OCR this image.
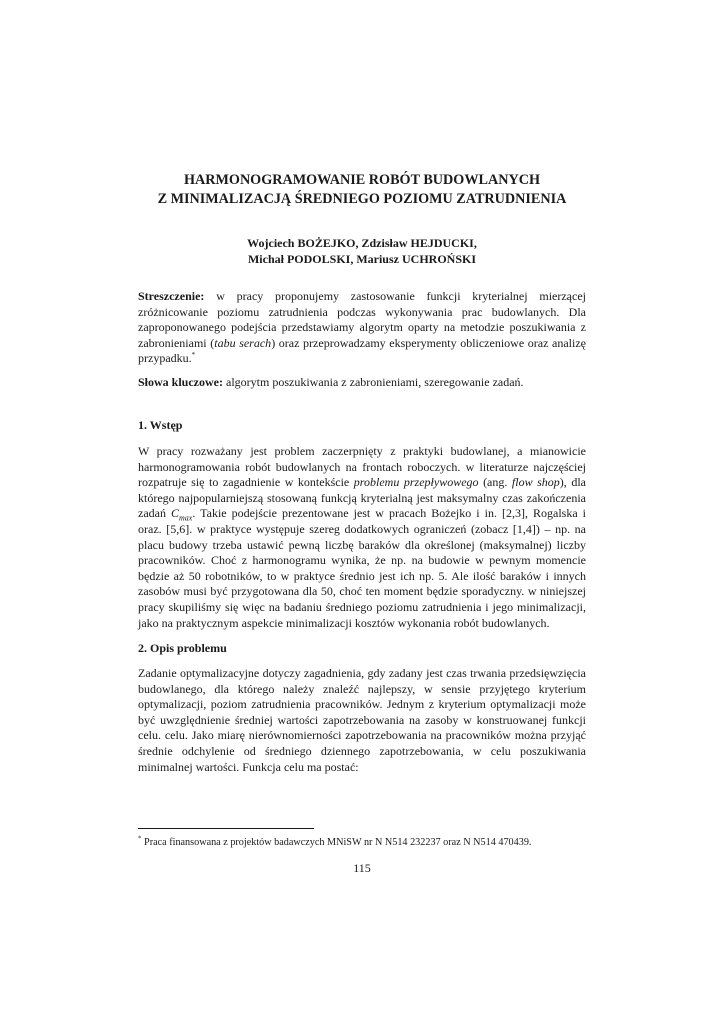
HARMONOGRAMOWANIE ROBÓT BUDOWLANYCH
Z MINIMALIZACJĄ ŚREDNIEGO POZIOMU ZATRUDNIENIA
Wojciech BOŻEJKO, Zdzisław HEJDUCKI,
Michał PODOLSKI, Mariusz UCHROŃSKI
Streszczenie: w pracy proponujemy zastosowanie funkcji kryterialnej mierzącej zróżnicowanie poziomu zatrudnienia podczas wykonywania prac budowlanych. Dla zaproponowanego podejścia przedstawiamy algorytm oparty na metodzie poszukiwania z zabronieniami (tabu serach) oraz przeprowadzamy eksperymenty obliczeniowe oraz analizę przypadku.*
Słowa kluczowe: algorytm poszukiwania z zabronieniami, szeregowanie zadań.
1. Wstęp
W pracy rozważany jest problem zaczerpnięty z praktyki budowlanej, a mianowicie harmonogramowania robót budowlanych na frontach roboczych. w literaturze najczęściej rozpatruje się to zagadnienie w kontekście problemu przepływowego (ang. flow shop), dla którego najpopularniejszą stosowaną funkcją kryterialną jest maksymalny czas zakończenia zadań $C_{max}$. Takie podejście prezentowane jest w pracach Bożejko i in. [2,3], Rogalska i oraz. [5,6]. w praktyce występuje szereg dodatkowych ograniczeń (zobacz [1,4]) – np. na placu budowy trzeba ustawić pewną liczbę baraków dla określonej (maksymalnej) liczby pracowników. Choć z harmonogramu wynika, że np. na budowie w pewnym momencie będzie aż 50 robotników, to w praktyce średnio jest ich np. 5. Ale ilość baraków i innych zasobów musi być przygotowana dla 50, choć ten moment będzie sporadyczny. w niniejszej pracy skupiliśmy się więc na badaniu średniego poziomu zatrudnienia i jego minimalizacji, jako na praktycznym aspekcie minimalizacji kosztów wykonania robót budowlanych.
2. Opis problemu
Zadanie optymalizacyjne dotyczy zagadnienia, gdy zadany jest czas trwania przedsięwzięcia budowlanego, dla którego należy znaleźć najlepszy, w sensie przyjętego kryterium optymalizacji, poziom zatrudnienia pracowników. Jednym z kryterium optymalizacji może być uwzględnienie średniej wartości zapotrzebowania na zasoby w konstruowanej funkcji celu. celu. Jako miarę nierównomierności zapotrzebowania na pracowników można przyjąć średnie odchylenie od średniego dziennego zapotrzebowania, w celu poszukiwania minimalnej wartości. Funkcja celu ma postać:
* Praca finansowana z projektów badawczych MNiSW nr N N514 232237 oraz N N514 470439.
115
